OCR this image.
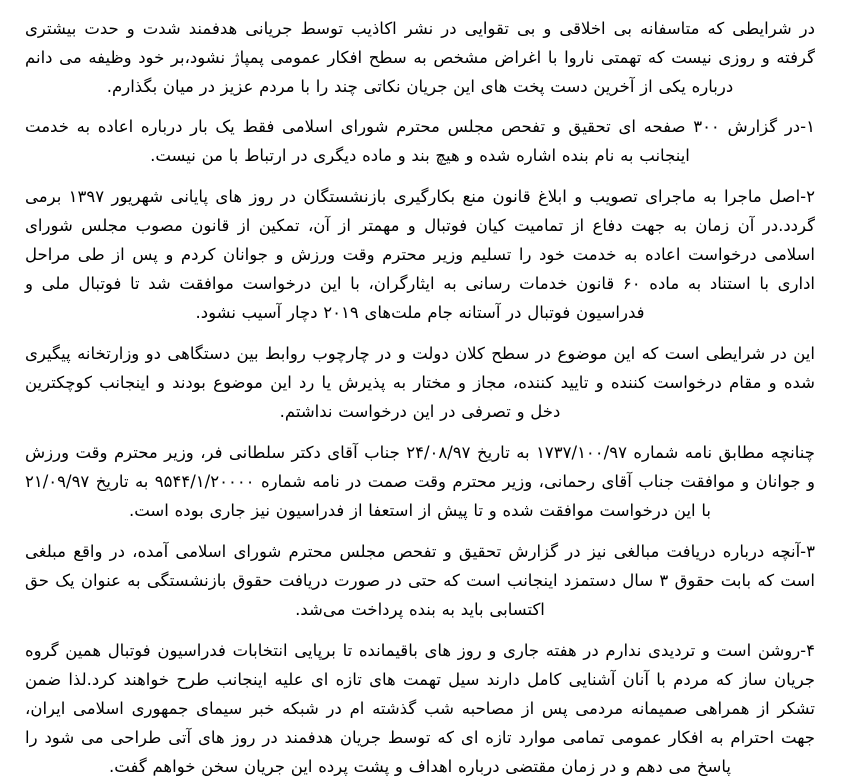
در شرایطی که متاسفانه بی اخلاقی و بی تقوایی در نشر اکاذیب توسط جریانی هدفمند شدت و حدت بیشتری گرفته و روزی نیست که تهمتی ناروا با اغراض مشخص به سطح افکار عمومی پمپاژ نشود،بر خود وظیفه می دانم درباره یکی از آخرین دست پخت های این جریان نکاتی چند را با مردم عزیز در میان بگذارم.

۱-در گزارش ۳۰۰ صفحه ای تحقیق و تفحص مجلس محترم شورای اسلامی فقط یک بار درباره اعاده به خدمت اینجانب به نام بنده اشاره شده و هیچ بند و ماده دیگری در ارتباط با من نیست.

۲-اصل ماجرا به ماجرای تصویب و ابلاغ قانون منع بکارگیری بازنشستگان در روز های پایانی شهریور ۱۳۹۷ برمی گردد.در آن زمان به جهت دفاع از تمامیت کیان فوتبال و مهمتر از آن، تمکین از قانون مصوب مجلس شورای اسلامی درخواست اعاده به خدمت خود را تسلیم وزیر محترم وقت ورزش و جوانان کردم و پس از طی مراحل اداری با استناد به ماده ۶۰ قانون خدمات رسانی به ایثارگران، با این درخواست موافقت شد تا فوتبال ملی و فدراسیون فوتبال در آستانه جام ملت‌های ۲۰۱۹ دچار آسیب نشود.

این در شرایطی است که این موضوع در سطح کلان دولت و در چارچوب روابط بین دستگاهی دو وزارتخانه پیگیری شده و مقام درخواست کننده و تایید کننده، مجاز و مختار به پذیرش یا رد این موضوع بودند و اینجانب کوچکترین دخل و تصرفی در این درخواست نداشتم.

چنانچه مطابق نامه شماره ۱۷۳۷/۱۰۰/۹۷ به تاریخ ۲۴/۰۸/۹۷ جناب آقای دکتر سلطانی فر، وزیر محترم وقت ورزش و جوانان و موافقت جناب آقای رحمانی، وزیر محترم وقت صمت در نامه شماره ۹۵۴۴/۱/۲۰۰۰۰ به تاریخ ۲۱/۰۹/۹۷ با این درخواست موافقت شده و تا پیش از استعفا از فدراسیون نیز جاری بوده است.

۳-آنچه درباره دریافت مبالغی نیز در گزارش تحقیق و تفحص مجلس محترم شورای اسلامی آمده، در واقع مبلغی است که بابت حقوق ۳ سال دستمزد اینجانب است که حتی در صورت دریافت حقوق بازنشستگی به عنوان یک حق اکتسابی باید به بنده پرداخت می‌شد.

۴-روشن است و تردیدی ندارم در هفته جاری و روز های باقیمانده تا برپایی انتخابات فدراسیون فوتبال همین گروه جریان ساز که مردم با آنان آشنایی کامل دارند سیل تهمت های تازه ای علیه اینجانب طرح خواهند کرد.لذا ضمن تشکر از همراهی صمیمانه مردمی پس از مصاحبه شب گذشته ام در شبکه خبر سیمای جمهوری اسلامی ایران، جهت احترام به افکار عمومی تمامی موارد تازه ای که توسط جریان هدفمند در روز های آتی طراحی می شود را پاسخ می دهم و در زمان مقتضی درباره اهداف و پشت پرده این جریان سخن خواهم گفت.
